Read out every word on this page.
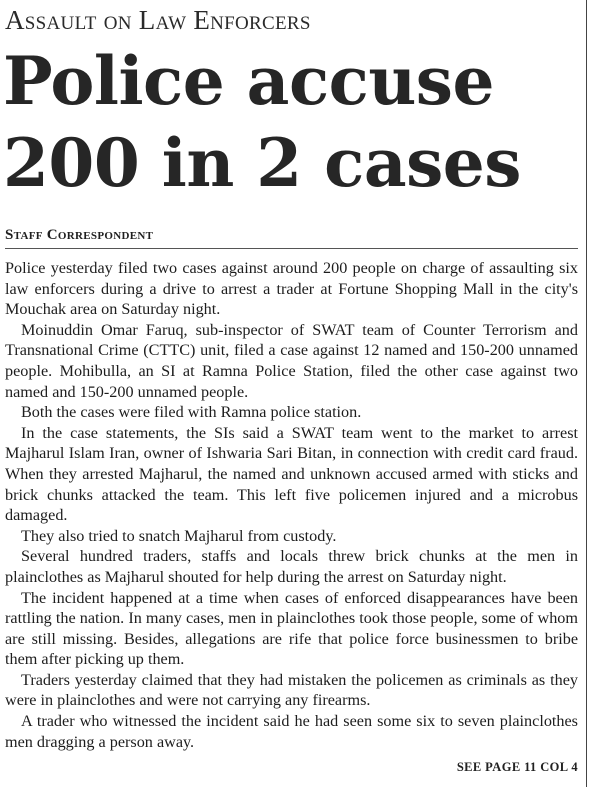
Assault on Law Enforcers
Police accuse
200 in 2 cases
Staff Correspondent

Police yesterday filed two cases against around 200 people on charge of assaulting six law enforcers during a drive to arrest a trader at Fortune Shopping Mall in the city's Mouchak area on Saturday night.

Moinuddin Omar Faruq, sub-inspector of SWAT team of Counter Terrorism and Transnational Crime (CTTC) unit, filed a case against 12 named and 150-200 unnamed people. Mohibulla, an SI at Ramna Police Station, filed the other case against two named and 150-200 unnamed people.

Both the cases were filed with Ramna police station.

In the case statements, the SIs said a SWAT team went to the market to arrest Majharul Islam Iran, owner of Ishwaria Sari Bitan, in connection with credit card fraud. When they arrested Majharul, the named and unknown accused armed with sticks and brick chunks attacked the team. This left five policemen injured and a microbus damaged.

They also tried to snatch Majharul from custody.

Several hundred traders, staffs and locals threw brick chunks at the men in plainclothes as Majharul shouted for help during the arrest on Saturday night.

The incident happened at a time when cases of enforced disappearances have been rattling the nation. In many cases, men in plainclothes took those people, some of whom are still missing. Besides, allegations are rife that police force businessmen to bribe them after picking up them.

Traders yesterday claimed that they had mistaken the policemen as criminals as they were in plainclothes and were not carrying any firearms.

A trader who witnessed the incident said he had seen some six to seven plainclothes men dragging a person away.

SEE PAGE 11 COL 4
